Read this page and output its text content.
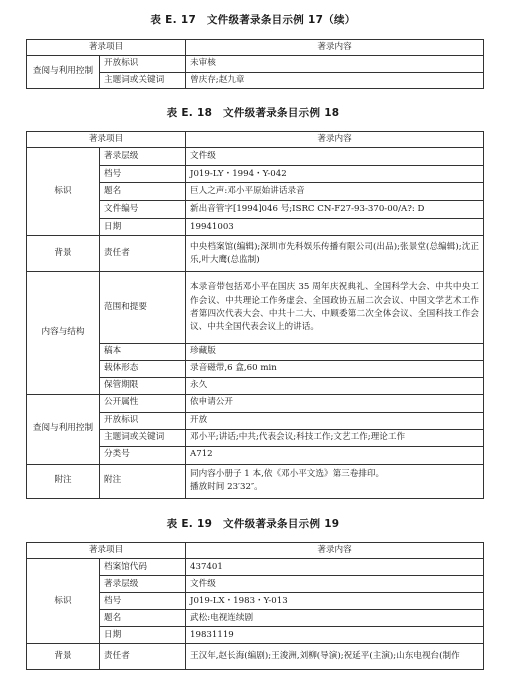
表 E. 17　文件级著录条目示例 17（续）
著录项目		著录内容
查阅与利用控制	开放标识	未审核
	主题词或关键词	曾庆存;赵九章
表 E. 18　文件级著录条目示例 18
著录项目		著录内容
标识	著录层级	文件级
	档号	J019-LY・1994・Y-042
	题名	巨人之声:邓小平原始讲话录音
	文件编号	新出音管字[1994]046 号;ISRC CN-F27-93-370-00/A?: D
	日期	19941003
背景	责任者	中央档案馆(编辑);深圳市先科娱乐传播有限公司(出品);张景堂(总编辑);沈正乐,叶大鹰(总监制)
内容与结构	范围和提要	本录音带包括邓小平在国庆 35 周年庆祝典礼、全国科学大会、中共中央工作会议、中共理论工作务虚会、全国政协五届二次会议、中国文学艺术工作者第四次代表大会、中共十二大、中顾委第二次全体会议、全国科技工作会议、中共全国代表会议上的讲话。
	稿本	珍藏版
	载体形态	录音磁带,6 盒,60 min
	保管期限	永久
查阅与利用控制	公开属性	依申请公开
	开放标识	开放
	主题词或关键词	邓小平;讲话;中共;代表会议;科技工作;文艺工作;理论工作
	分类号	A712
附注	附注	同内容小册子 1 本,依《邓小平文选》第三卷排印。
播放时间 23′32″。
表 E. 19　文件级著录条目示例 19
著录项目		著录内容
标识	档案馆代码	437401
	著录层级	文件级
	档号	J019-LX・1983・Y-013
	题名	武松:电视连续剧
	日期	19831119
背景	责任者	王汉年,赵长海(编剧);王浚洲,刘柳(导演);祝延平(主演);山东电视台(制作
